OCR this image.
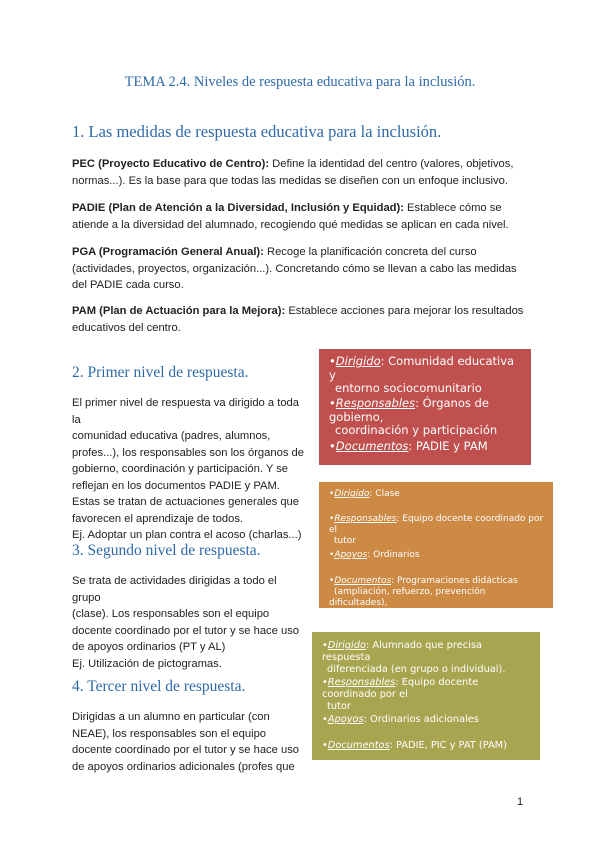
TEMA 2.4. Niveles de respuesta educativa para la inclusión.
1. Las medidas de respuesta educativa para la inclusión.
PEC (Proyecto Educativo de Centro): Define la identidad del centro (valores, objetivos,
normas...). Es la base para que todas las medidas se diseñen con un enfoque inclusivo.
PADIE (Plan de Atención a la Diversidad, Inclusión y Equidad): Establece cómo se
atiende a la diversidad del alumnado, recogiendo qué medidas se aplican en cada nivel.
PGA (Programación General Anual): Recoge la planificación concreta del curso
(actividades, proyectos, organización...). Concretando cómo se llevan a cabo las medidas
del PADIE cada curso.
PAM (Plan de Actuación para la Mejora): Establece acciones para mejorar los resultados
educativos del centro.
2. Primer nivel de respuesta.
El primer nivel de respuesta va dirigido a toda la
comunidad educativa (padres, alumnos,
profes...), los responsables son los órganos de
gobierno, coordinación y participación. Y se
reflejan en los documentos PADIE y PAM.
Estas se tratan de actuaciones generales que
favorecen el aprendizaje de todos.
Ej. Adoptar un plan contra el acoso (charlas...)
3. Segundo nivel de respuesta.
Se trata de actividades dirigidas a todo el grupo
(clase). Los responsables son el equipo
docente coordinado por el tutor y se hace uso
de apoyos ordinarios (PT y AL)
Ej. Utilización de pictogramas.
4. Tercer nivel de respuesta.
Dirigidas a un alumno en particular (con
NEAE), los responsables son el equipo
docente coordinado por el tutor y se hace uso
de apoyos ordinarios adicionales (profes que
•Dirigido: Comunidad educativa y
entorno sociocomunitario
•Responsables: Órganos de gobierno,
coordinación y participación
•Documentos: PADIE y PAM
•Dirigido: Clase
•Responsables: Equipo docente coordinado por el
tutor
•Apoyos: Ordinarios
•Documentos: Programaciones didácticas
(ampliación, refuerzo, prevención dificultades),
PIC y PAT (PAM)
•Dirigido: Alumnado que precisa respuesta
diferenciada (en grupo o individual).
•Responsables: Equipo docente coordinado por el
tutor
•Apoyos: Ordinarios adicionales
•Documentos: PADIE, PIC y PAT (PAM)
1
